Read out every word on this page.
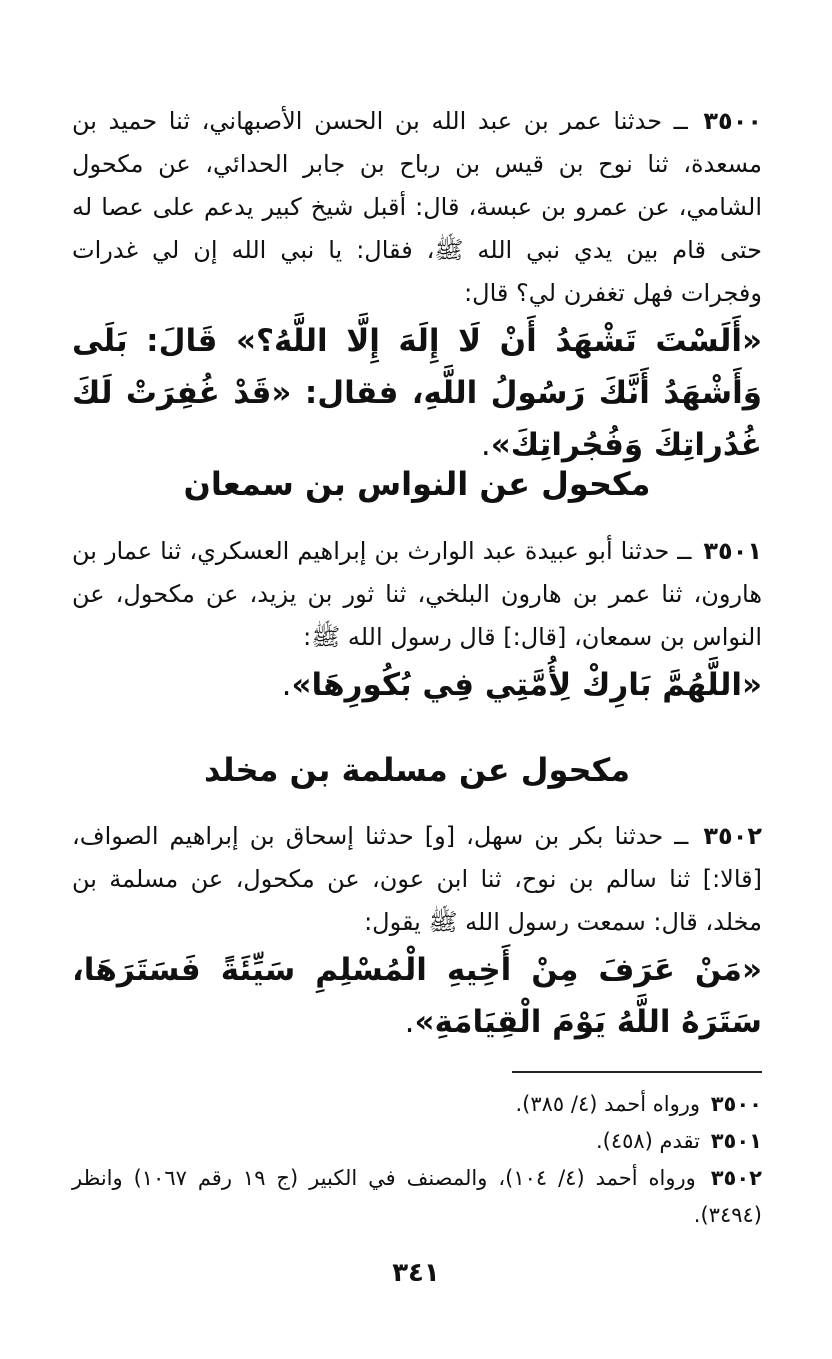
٣٥٠٠ ــ حدثنا عمر بن عبد الله بن الحسن الأصبهاني، ثنا حميد بن مسعدة، ثنا نوح بن قيس بن رباح بن جابر الحدائي، عن مكحول الشامي، عن عمرو بن عبسة، قال: أقبل شيخ كبير يدعم على عصا له حتى قام بين يدي نبي الله ﷺ، فقال: يا نبي الله إن لي غدرات وفجرات فهل تغفرن لي؟ قال:

«أَلَسْتَ تَشْهَدُ أَنْ لَا إِلَهَ إِلَّا اللَّهُ؟» قَالَ: بَلَى وَأَشْهَدُ أَنَّكَ رَسُولُ اللَّهِ، فقال: «قَدْ غُفِرَتْ لَكَ غُدُراتِكَ وَفُجُراتِكَ».

مكحول عن النواس بن سمعان

٣٥٠١ ــ حدثنا أبو عبيدة عبد الوارث بن إبراهيم العسكري، ثنا عمار بن هارون، ثنا عمر بن هارون البلخي، ثنا ثور بن يزيد، عن مكحول، عن النواس بن سمعان، [قال:] قال رسول الله ﷺ:

«اللَّهُمَّ بَارِكْ لِأُمَّتِي فِي بُكُورِهَا».

مكحول عن مسلمة بن مخلد

٣٥٠٢ ــ حدثنا بكر بن سهل، [و] حدثنا إسحاق بن إبراهيم الصواف، [قالا:] ثنا سالم بن نوح، ثنا ابن عون، عن مكحول، عن مسلمة بن مخلد، قال: سمعت رسول الله ﷺ يقول:

«مَنْ عَرَفَ مِنْ أَخِيهِ الْمُسْلِمِ سَيِّئَةً فَسَتَرَهَا، سَتَرَهُ اللَّهُ يَوْمَ الْقِيَامَةِ».

٣٥٠٠ ورواه أحمد (٤/ ٣٨٥).

٣٥٠١ تقدم (٤٥٨).

٣٥٠٢ ورواه أحمد (٤/ ١٠٤)، والمصنف في الكبير (ج ١٩ رقم ١٠٦٧) وانظر (٣٤٩٤).

٣٤١
